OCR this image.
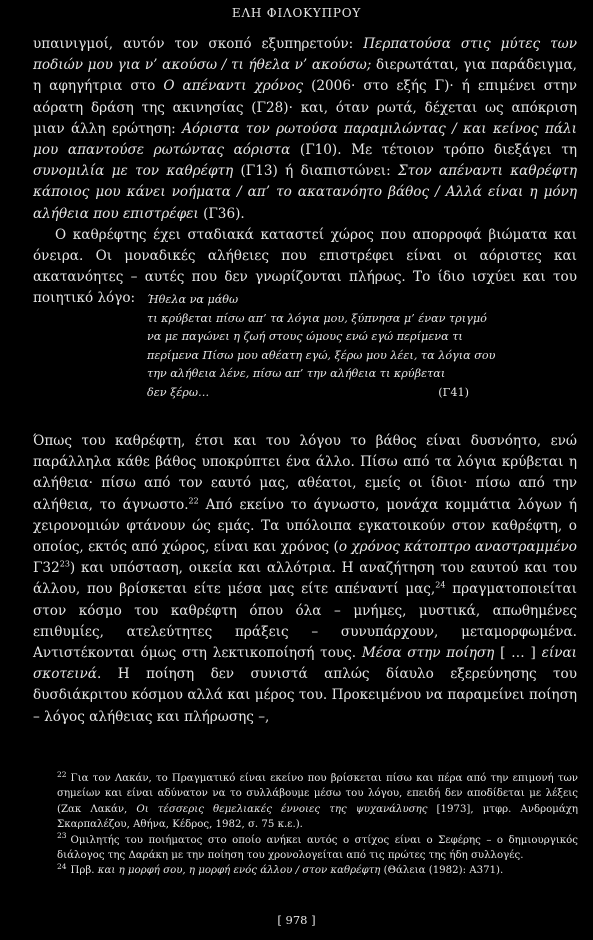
ΕΛΗ ΦΙΛΟΚΥΠΡΟΥ

υπαινιγμοί, αυτόν τον σκοπό εξυπηρετούν: Περπατούσα στις μύτες των ποδιών μου για ν’ ακούσω / τι ήθελα ν’ ακούσω; διερωτάται, για παράδειγμα, η αφηγήτρια στο Ο απέναντι χρόνος (2006· στο εξής Γ)· ή επιμένει στην αόρατη δράση της ακινησίας (Γ28)· και, όταν ρωτά, δέχεται ως απόκριση μιαν άλλη ερώτηση: Αόριστα τον ρωτούσα παραμιλώντας / και κείνος πάλι μου απαντούσε ρωτώντας αόριστα (Γ10). Με τέτοιον τρόπο διεξάγει τη συνομιλία με τον καθρέφτη (Γ13) ή διαπιστώνει: Στον απέναντι καθρέφτη κάποιος μου κάνει νοήματα / απ’ το ακατανόητο βάθος / Αλλά είναι η μόνη αλήθεια που επιστρέφει (Γ36).

Ο καθρέφτης έχει σταδιακά καταστεί χώρος που απορροφά βιώματα και όνειρα. Οι μοναδικές αλήθειες που επιστρέφει είναι οι αόριστες και ακατανόητες – αυτές που δεν γνωρίζονται πλήρως. Το ίδιο ισχύει και του ποιητικό λόγο:	Ήθελα να μάθω
τι κρύβεται πίσω απ’ τα λόγια μου, ξύπνησα μ’ έναν τριγμό
να με παγώνει η ζωή στους ώμους ενώ εγώ περίμενα τι
περίμενα Πίσω μου αθέατη εγώ, ξέρω μου λέει, τα λόγια σου
την αλήθεια λένε, πίσω απ’ την αλήθεια τι κρύβεται
δεν ξέρω…	(Γ41)

Όπως του καθρέφτη, έτσι και του λόγου το βάθος είναι δυσνόητο, ενώ παράλληλα κάθε βάθος υποκρύπτει ένα άλλο. Πίσω από τα λόγια κρύβεται η αλήθεια· πίσω από τον εαυτό μας, αθέατοι, εμείς οι ίδιοι· πίσω από την αλήθεια, το άγνωστο.$^{22}$ Από εκείνο το άγνωστο, μονάχα κομμάτια λόγων ή χειρονομιών φτάνουν ώς εμάς. Τα υπόλοιπα εγκατοικούν στον καθρέφτη, ο οποίος, εκτός από χώρος, είναι και χρόνος (ο χρόνος κάτοπτρο αναστραμμένο $\Gamma 32^{23}$) και υπόσταση, οικεία και αλλότρια. Η αναζήτηση του εαυτού και του άλλου, που βρίσκεται είτε μέσα μας είτε απέναντί μας,$^{24}$ πραγματοποιείται στον κόσμο του καθρέφτη όπου όλα – μνήμες, μυστικά, απωθημένες επιθυμίες, ατελεύτητες πράξεις – συνυπάρχουν, μεταμορφωμένα. Αντιστέκονται όμως στη λεκτικοποίησή τους. Μέσα στην ποίηση [ … ] είναι σκοτεινά. Η ποίηση δεν συνιστά απλώς δίαυλο εξερεύνησης του δυσδιάκριτου κόσμου αλλά και μέρος του. Προκειμένου να παραμείνει ποίηση – λόγος αλήθειας και πλήρωσης –,

$^{22}$ Για τον Λακάν, το Πραγματικό είναι εκείνο που βρίσκεται πίσω και πέρα από την επιμονή των σημείων και είναι αδύνατον να το συλλάβουμε μέσω του λόγου, επειδή δεν αποδίδεται με λέξεις (Ζακ Λακάν, Οι τέσσερις θεμελιακές έννοιες της ψυχανάλυσης [1973], μτφρ. Ανδρομάχη Σκαρπαλέζου, Αθήνα, Κέδρος, 1982, σ. 75 κ.ε.).

$^{23}$ Ομιλητής του ποιήματος στο οποίο ανήκει αυτός ο στίχος είναι ο Σεφέρης – ο δημιουργικός διάλογος της Δαράκη με την ποίηση του χρονολογείται από τις πρώτες της ήδη συλλογές.

$^{24}$ Πρβ. και η μορφή σου, η μορφή ενός άλλου / στον καθρέφτη (Θάλεια (1982): Α371).

[ 978 ]
